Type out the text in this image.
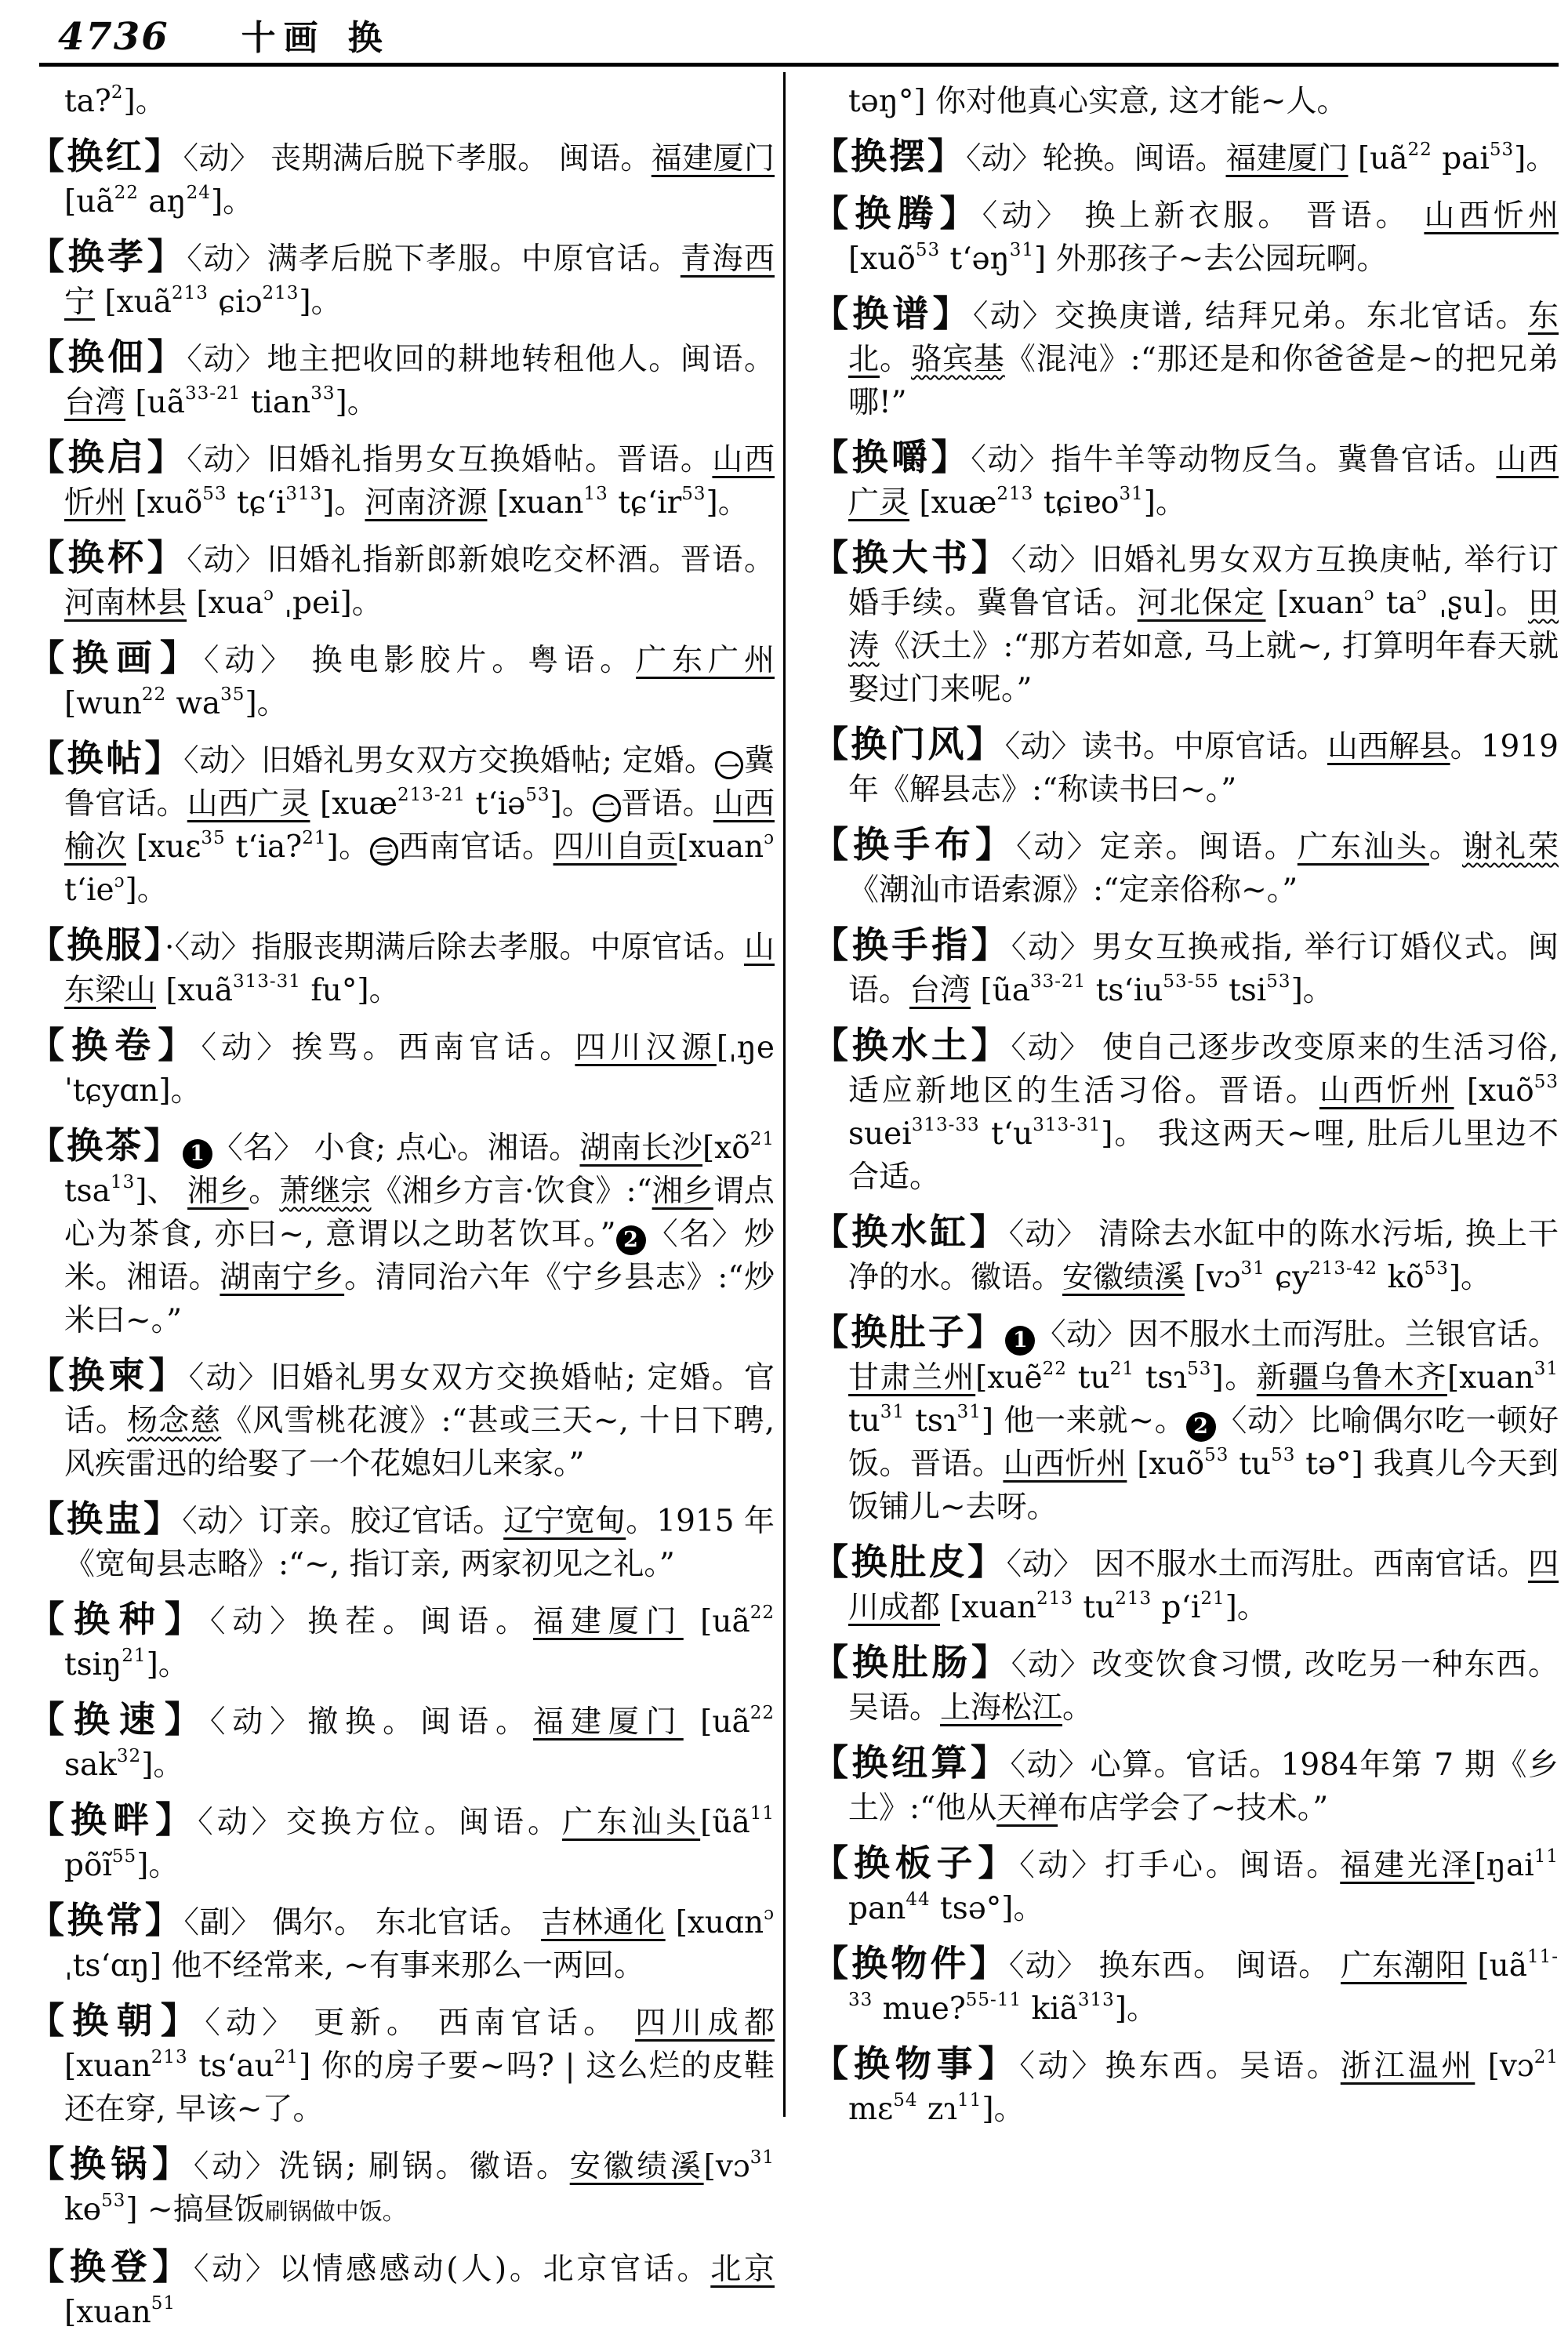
4736 十画 换
ta?$^2$]。
【换红】〈动〉 丧期满后脱下孝服。 闽语。福建厦门 [$uã^{22}$ $aŋ^{24}$]。
【换孝】〈动〉满孝后脱下孝服。中原官话。青海西宁 [xuã$^{213}$ ɕiɔ$^{213}$]。
【换佃】〈动〉地主把收回的耕地转租他人。闽语。台湾 [$uã^{33-21}$ tian$^{33}$]。
【换启】〈动〉旧婚礼指男女互换婚帖。晋语。山西忻州 [xuõ$^{53}$ $tɕ‘i^{313}$]。河南济源 [xuan$^{13}$ $tɕ‘ir^{53}$]。
【换杯】〈动〉旧婚礼指新郎新娘吃交杯酒。晋语。河南林县 [xua$^ɔ$ ˌpei]。
【换画】〈动〉 换电影胶片。粤语。广东广州 [wun$^{22}$ $wa^{35}$]。
【换帖】〈动〉旧婚礼男女双方交换婚帖; 定婚。 一 冀鲁官话。山西广灵 [xuæ$^{213-21}$ t‘iə$^{53}$]。 二 晋语。山西榆次 [xuɛ$^{35}$ t‘ia?$^{21}$]。 三 西南官话。四川自贡[xuan$^ɔ$ $t‘ie^ɔ$]。
【换服】·〈动〉指服丧期满后除去孝服。中原官话。山东梁山 [xuã$^{313-31}$ fu°]。
【换卷】〈动〉挨骂。西南官话。四川汉源[ˌŋe ˈtɕyɑn]。
【换茶】 1 〈名〉 小食; 点心。湘语。湖南长沙[$xõ^{21}$ tsa$^{13}$]、 湘乡。萧继宗《湘乡方言·饮食》:“湘乡谓点心为茶食, 亦曰~, 意谓以之助茗饮耳。” 2 〈名〉炒米。湘语。湖南宁乡。清同治六年《宁乡县志》:“炒米曰~。”
【换柬】〈动〉旧婚礼男女双方交换婚帖; 定婚。官话。杨念慈《风雪桃花渡》:“甚或三天~, 十日下聘,风疾雷迅的给娶了一个花媳妇儿来家。”
【换盅】〈动〉订亲。胶辽官话。辽宁宽甸。1915 年《宽甸县志略》:“~, 指订亲, 两家初见之礼。”
【换种】〈动〉换茬。闽语。福建厦门 [$uã^{22}$ tsiŋ$^{21}$]。
【换速】〈动〉撤换。闽语。福建厦门 [$uã^{22}$ sak$^{32}$]。
【换畔】〈动〉交换方位。闽语。广东汕头[$ũã^{11}$ põĩ$^{55}$]。
【换常】〈副〉 偶尔。 东北官话。 吉林通化 [xuɑn$^ɔ$ ˌts‘ɑŋ] 他不经常来, ~有事来那么一两回。
【换朝】〈动〉 更新。 西南官话。 四川成都 [xuan$^{213}$ $ts‘au^{21}$] 你的房子要~吗? | 这么烂的皮鞋还在穿, 早该~了。
【换锅】〈动〉洗锅; 刷锅。徽语。安徽绩溪[vɔ$^{31}$ kɵ$^{53}$] ~搞昼饭刷锅做中饭。
【换登】〈动〉以情感感动(人)。北京官话。北京[xuan$^{51}$
təŋ°] 你对他真心实意, 这才能~人。
【换摆】〈动〉轮换。闽语。福建厦门 [$uã^{22}$ pai$^{53}$]。
【换腾】〈动〉 换上新衣服。 晋语。 山西忻州 [xuõ$^{53}$ t‘əŋ$^{31}$] 外那孩子~去公园玩啊。
【换谱】〈动〉交换庚谱, 结拜兄弟。东北官话。东北。骆宾基《混沌》:“那还是和你爸爸是~的把兄弟哪!”
【换嚼】〈动〉指牛羊等动物反刍。冀鲁官话。山西广灵 [xuæ$^{213}$ tɕiɐo$^{31}$]。
【换大书】〈动〉旧婚礼男女双方互换庚帖, 举行订婚手续。冀鲁官话。河北保定 [xuan$^ɔ$ $ta^ɔ$ ˌʂu]。田涛《沃土》:“那方若如意, 马上就~, 打算明年春天就娶过门来呢。”
【换门风】〈动〉读书。中原官话。山西解县。1919年《解县志》:“称读书曰~。”
【换手布】〈动〉定亲。闽语。广东汕头。谢礼荣《潮汕市语索源》:“定亲俗称~。”
【换手指】〈动〉男女互换戒指, 举行订婚仪式。闽语。台湾 [$ũa^{33-21}$ $ts‘iu^{53-55}$ tsi$^{53}$]。
【换水土】〈动〉 使自己逐步改变原来的生活习俗, 适应新地区的生活习俗。晋语。山西忻州 [xuõ$^{53}$ suei$^{313-33}$ $t‘u^{313-31}$]。 我这两天~哩, 肚后儿里边不合适。
【换水缸】〈动〉 清除去水缸中的陈水污垢, 换上干净的水。徽语。安徽绩溪 [vɔ$^{31}$ ɕy$^{213-42}$ $kõ^{53}$]。
【换肚子】 1 〈动〉因不服水土而泻肚。兰银官话。甘肃兰州[xuẽ$^{22}$ $tu^{21}$ tsɿ$^{53}$]。新疆乌鲁木齐[xuan$^{31}$ $tu^{31}$ tsɿ$^{31}$] 他一来就~。 2 〈动〉比喻偶尔吃一顿好饭。晋语。山西忻州 [xuõ$^{53}$ $tu^{53}$ tə°] 我真儿今天到饭铺儿~去呀。
【换肚皮】〈动〉 因不服水土而泻肚。西南官话。四川成都 [xuan$^{213}$ $tu^{213}$ $p‘i^{21}$]。
【换肚肠】〈动〉改变饮食习惯, 改吃另一种东西。吴语。上海松江。
【换纽算】〈动〉心算。官话。1984年第 7 期《乡土》:“他从天禅布店学会了~技术。”
【换板子】〈动〉打手心。闽语。福建光泽[ŋai$^{11}$ pan$^{44}$ tsə°]。
【换物件】〈动〉 换东西。 闽语。 广东潮阳 [$uã^{11-33}$ mue?$^{55-11}$ kiã$^{313}$]。
【换物事】〈动〉换东西。吴语。浙江温州 [vɔ$^{21}$ mɛ$^{54}$ zɿ$^{11}$]。
